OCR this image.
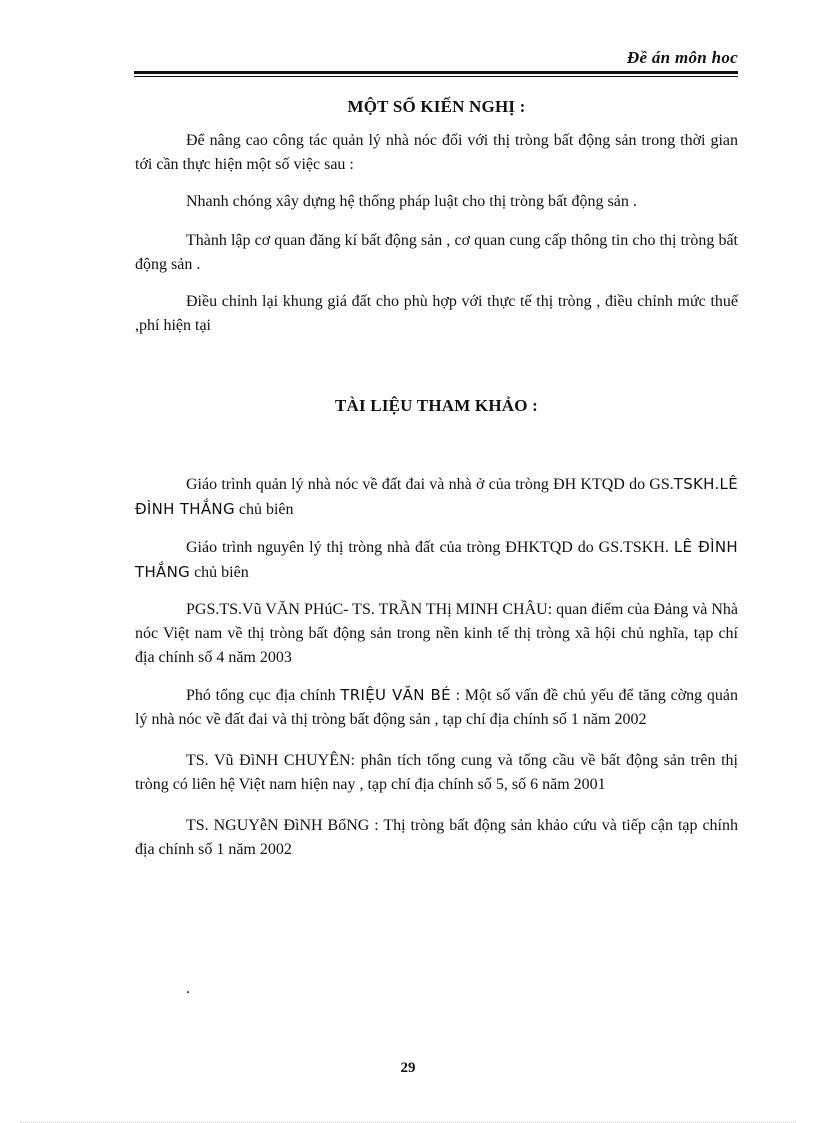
Đề án môn hoc
MỘT SỐ KIẾN NGHỊ :

Để nâng cao công tác quản lý nhà nóc đối với thị tròng bất động sản trong thời gian tới cần thực hiện một số việc sau :

Nhanh chóng xây dựng hệ thống pháp luật cho thị tròng bất động sản .

Thành lập cơ quan đăng kí bất động sản , cơ quan cung cấp thông tin cho thị tròng bất động sản .

Điều chỉnh lại khung giá đất cho phù hợp với thực tế thị tròng , điều chỉnh mức thuế ,phí hiện tại

TÀI LIỆU THAM KHẢO :

Giáo trình quản lý nhà nóc về đất đai và nhà ở của tròng ĐH KTQD do GS.TSKH.LÊ ĐÌNH THẮNG chủ biên

Giáo trình nguyên lý thị tròng nhà đất của tròng ĐHKTQD do GS.TSKH. LÊ ĐÌNH THẮNG chủ biên

PGS.TS.Vũ VĂN PHúC- TS. TRẦN THị MINH CHÂU: quan điểm của Đảng và Nhà nóc Việt nam về thị tròng bất động sản trong nền kinh tế thị tròng xã hội chủ nghĩa, tạp chí địa chính số 4 năm 2003

Phó tổng cục địa chính TRIỆU VĂN BÉ : Một số vấn đề chủ yếu để tăng cờng quản lý nhà nóc về đất đai và thị tròng bất động sản , tạp chí địa chính số 1 năm 2002

TS. Vũ ĐìNH CHUYÊN: phân tích tổng cung và tổng cầu về bất động sản trên thị tròng có liên hệ Việt nam hiện nay , tạp chí địa chính số 5, số 6 năm 2001

TS. NGUYễN ĐìNH BổNG : Thị tròng bất động sản khảo cứu và tiếp cận tạp chính địa chính số 1 năm 2002

.
29
